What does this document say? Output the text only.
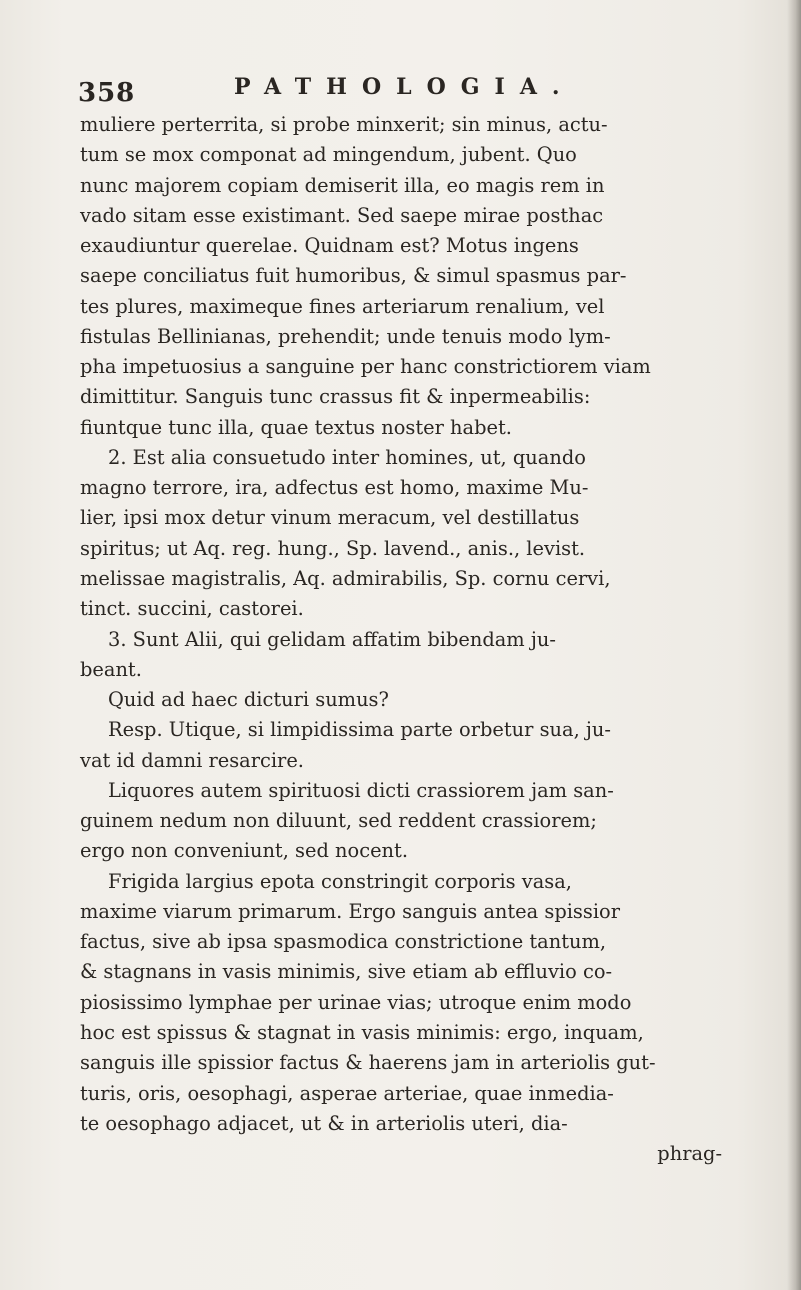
358	PATHOLOGIA.
muliere perterrita, si probe minxerit; sin minus, actu-
tum se mox componat ad mingendum, jubent. Quo
nunc majorem copiam demiserit illa, eo magis rem in
vado sitam esse existimant. Sed saepe mirae posthac
exaudiuntur querelae. Quidnam est? Motus ingens
saepe conciliatus fuit humoribus, & simul spasmus par-
tes plures, maximeque fines arteriarum renalium, vel
fistulas Bellinianas, prehendit; unde tenuis modo lym-
pha impetuosius a sanguine per hanc constrictiorem viam
dimittitur. Sanguis tunc crassus fit & inpermeabilis:
fiuntque tunc illa, quae textus noster habet.
2. Est alia consuetudo inter homines, ut, quando
magno terrore, ira, adfectus est homo, maxime Mu-
lier, ipsi mox detur vinum meracum, vel destillatus
spiritus; ut Aq. reg. hung., Sp. lavend., anis., levist.
melissae magistralis, Aq. admirabilis, Sp. cornu cervi,
tinct. succini, castorei.
3. Sunt Alii, qui gelidam affatim bibendam ju-
beant.
Quid ad haec dicturi sumus?
Resp. Utique, si limpidissima parte orbetur sua, ju-
vat id damni resarcire.
Liquores autem spirituosi dicti crassiorem jam san-
guinem nedum non diluunt, sed reddent crassiorem;
ergo non conveniunt, sed nocent.
Frigida largius epota constringit corporis vasa,
maxime viarum primarum. Ergo sanguis antea spissior
factus, sive ab ipsa spasmodica constrictione tantum,
& stagnans in vasis minimis, sive etiam ab effluvio co-
piosissimo lymphae per urinae vias; utroque enim modo
hoc est spissus & stagnat in vasis minimis: ergo, inquam,
sanguis ille spissior factus & haerens jam in arteriolis gut-
turis, oris, oesophagi, asperae arteriae, quae inmedia-
te oesophago adjacet, ut & in arteriolis uteri, dia-
phrag-
